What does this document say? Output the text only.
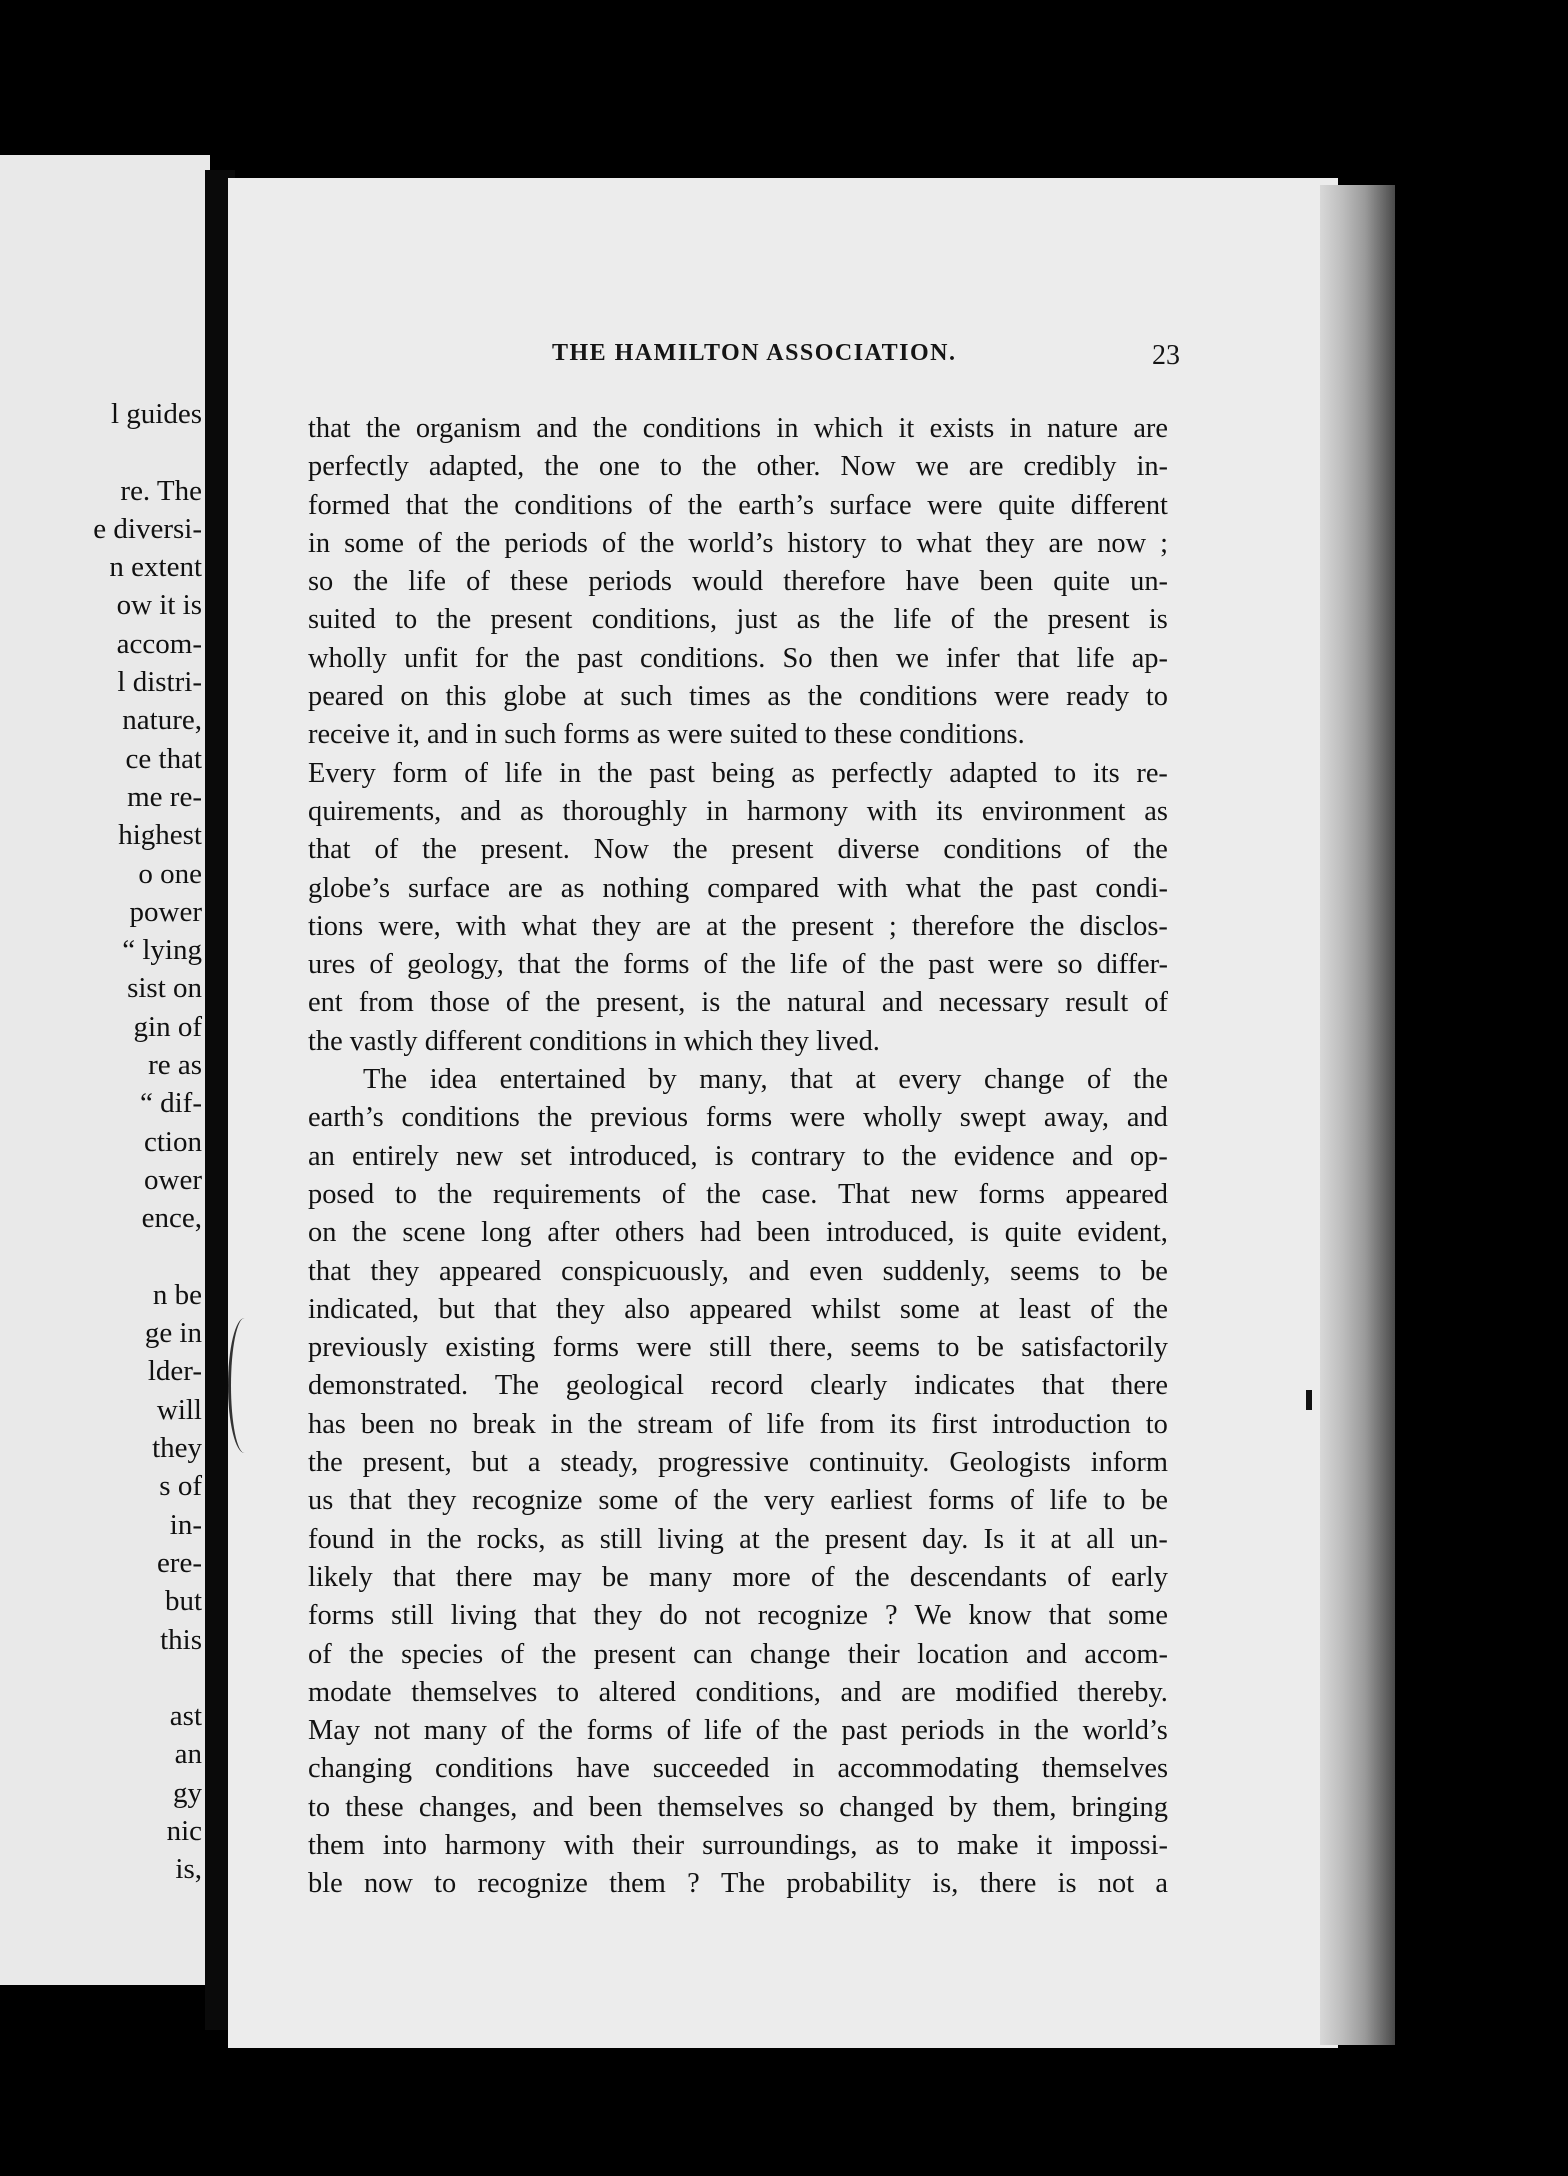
l guides
re. The
e diversi-
n extent
ow it is
accom-
l distri-
nature,
ce that
me re-
highest
o one
power
“ lying
sist on
gin of
re as
“ dif-
ction
ower
ence,
n be
ge in
lder-
will
they
s of
in-
ere-
but
this
ast
an
gy
nic
is,
THE HAMILTON ASSOCIATION.	23
that the organism and the conditions in which it exists in nature are
perfectly adapted, the one to the other. Now we are credibly in-
formed that the conditions of the earth’s surface were quite different
in some of the periods of the world’s history to what they are now ;
so the life of these periods would therefore have been quite un-
suited to the present conditions, just as the life of the present is
wholly unfit for the past conditions. So then we infer that life ap-
peared on this globe at such times as the conditions were ready to
receive it, and in such forms as were suited to these conditions.
Every form of life in the past being as perfectly adapted to its re-
quirements, and as thoroughly in harmony with its environment as
that of the present. Now the present diverse conditions of the
globe’s surface are as nothing compared with what the past condi-
tions were, with what they are at the present ; therefore the disclos-
ures of geology, that the forms of the life of the past were so differ-
ent from those of the present, is the natural and necessary result of
the vastly different conditions in which they lived.
The idea entertained by many, that at every change of the
earth’s conditions the previous forms were wholly swept away, and
an entirely new set introduced, is contrary to the evidence and op-
posed to the requirements of the case. That new forms appeared
on the scene long after others had been introduced, is quite evident,
that they appeared conspicuously, and even suddenly, seems to be
indicated, but that they also appeared whilst some at least of the
previously existing forms were still there, seems to be satisfactorily
demonstrated. The geological record clearly indicates that there
has been no break in the stream of life from its first introduction to
the present, but a steady, progressive continuity. Geologists inform
us that they recognize some of the very earliest forms of life to be
found in the rocks, as still living at the present day. Is it at all un-
likely that there may be many more of the descendants of early
forms still living that they do not recognize ? We know that some
of the species of the present can change their location and accom-
modate themselves to altered conditions, and are modified thereby.
May not many of the forms of life of the past periods in the world’s
changing conditions have succeeded in accommodating themselves
to these changes, and been themselves so changed by them, bringing
them into harmony with their surroundings, as to make it impossi-
ble now to recognize them ? The probability is, there is not a
